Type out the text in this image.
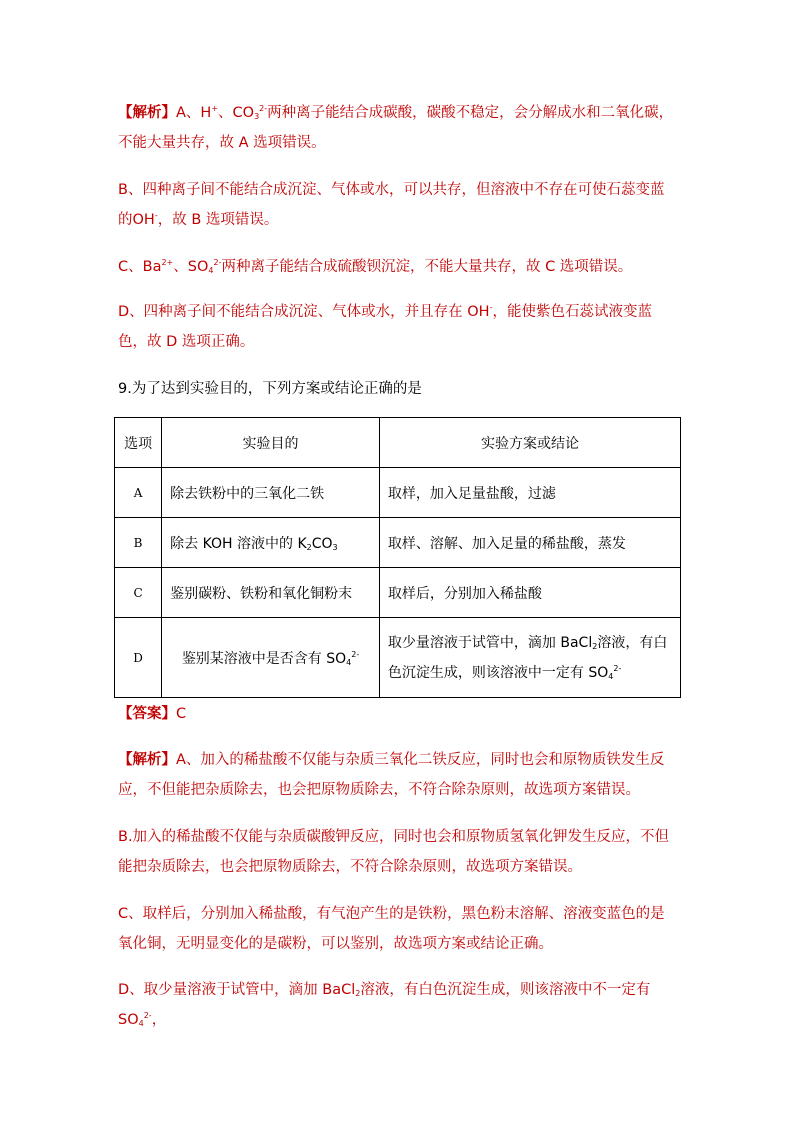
【解析】A、H+、$CO_3^{2-}$两种离子能结合成碳酸，碳酸不稳定，会分解成水和二氧化碳，不能大量共存，故 A 选项错误。

B、四种离子间不能结合成沉淀、气体或水，可以共存，但溶液中不存在可使石蕊变蓝的OH-，故 B 选项错误。

C、$Ba^{2+}$、$SO_4^{2-}$两种离子能结合成硫酸钡沉淀，不能大量共存，故 C 选项错误。

D、四种离子间不能结合成沉淀、气体或水，并且存在 OH-，能使紫色石蕊试液变蓝色，故 D 选项正确。

9.为了达到实验目的，下列方案或结论正确的是

选项	实验目的	实验方案或结论
A	除去铁粉中的三氧化二铁	取样，加入足量盐酸，过滤
B	除去 KOH 溶液中的 $K_2CO_3$	取样、溶解、加入足量的稀盐酸，蒸发
C	鉴别碳粉、铁粉和氧化铜粉末	取样后，分别加入稀盐酸
D	鉴别某溶液中是否含有 $SO_4^{2-}$	取少量溶液于试管中，滴加 BaCl$_2$溶液，有白色沉淀生成，则该溶液中一定有 $SO_4^{2-}$

【答案】C

【解析】A、加入的稀盐酸不仅能与杂质三氧化二铁反应，同时也会和原物质铁发生反应，不但能把杂质除去，也会把原物质除去，不符合除杂原则，故选项方案错误。

B.加入的稀盐酸不仅能与杂质碳酸钾反应，同时也会和原物质氢氧化钾发生反应，不但能把杂质除去，也会把原物质除去，不符合除杂原则，故选项方案错误。

C、取样后，分别加入稀盐酸，有气泡产生的是铁粉，黑色粉末溶解、溶液变蓝色的是氧化铜，无明显变化的是碳粉，可以鉴别，故选项方案或结论正确。

D、取少量溶液于试管中，滴加 BaCl$_2$溶液，有白色沉淀生成，则该溶液中不一定有 $SO_4^{2-}$，
